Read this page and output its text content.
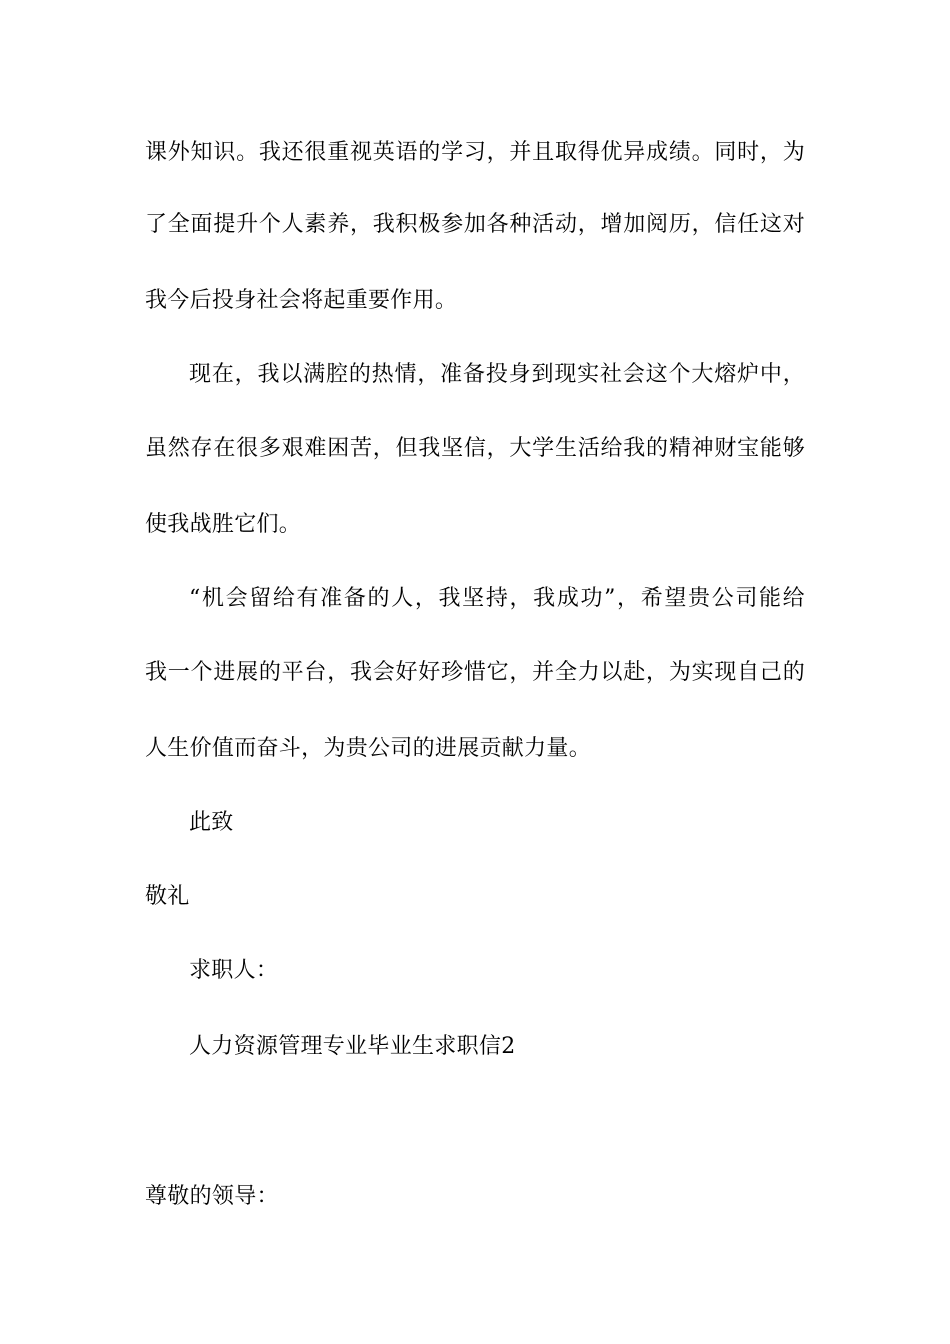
课外知识。我还很重视英语的学习，并且取得优异成绩。同时，为
了全面提升个人素养，我积极参加各种活动，增加阅历，信任这对
我今后投身社会将起重要作用。
现在，我以满腔的热情，准备投身到现实社会这个大熔炉中，
虽然存在很多艰难困苦，但我坚信，大学生活给我的精神财宝能够
使我战胜它们。
“机会留给有准备的人，我坚持，我成功”，希望贵公司能给
我一个进展的平台，我会好好珍惜它，并全力以赴，为实现自己的
人生价值而奋斗，为贵公司的进展贡献力量。
此致
敬礼
求职人：
人力资源管理专业毕业生求职信2
尊敬的领导：
